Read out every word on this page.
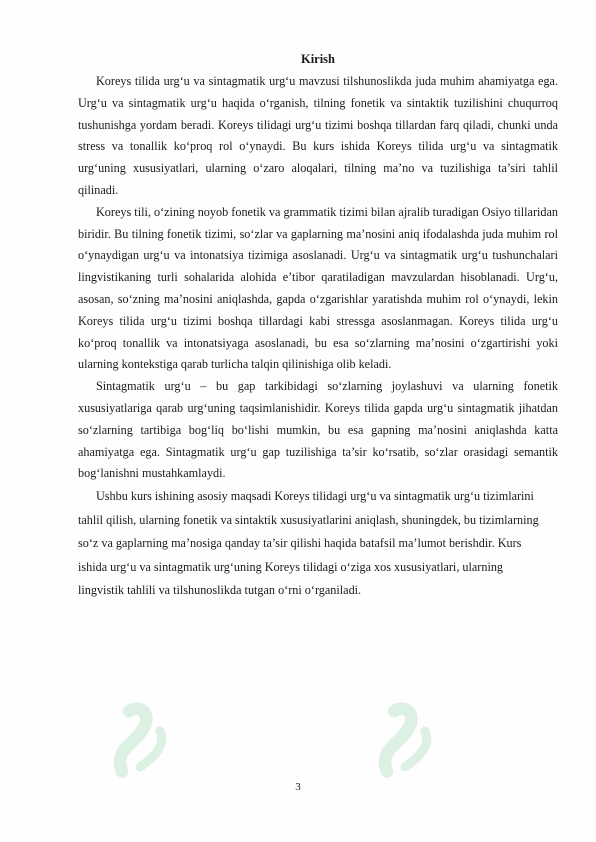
Kirish

Koreys tilida urg‘u va sintagmatik urg‘u mavzusi tilshunoslikda juda muhim ahamiyatga ega. Urg‘u va sintagmatik urg‘u haqida o‘rganish, tilning fonetik va sintaktik tuzilishini chuqurroq tushunishga yordam beradi. Koreys tilidagi urg‘u tizimi boshqa tillardan farq qiladi, chunki unda stress va tonallik ko‘proq rol o‘ynaydi. Bu kurs ishida Koreys tilida urg‘u va sintagmatik urg‘uning xususiyatlari, ularning o‘zaro aloqalari, tilning ma’no va tuzilishiga ta’siri tahlil qilinadi.

Koreys tili, o‘zining noyob fonetik va grammatik tizimi bilan ajralib turadigan Osiyo tillaridan biridir. Bu tilning fonetik tizimi, so‘zlar va gaplarning ma’nosini aniq ifodalashda juda muhim rol o‘ynaydigan urg‘u va intonatsiya tizimiga asoslanadi. Urg‘u va sintagmatik urg‘u tushunchalari lingvistikaning turli sohalarida alohida e’tibor qaratiladigan mavzulardan hisoblanadi. Urg‘u, asosan, so‘zning ma’nosini aniqlashda, gapda o‘zgarishlar yaratishda muhim rol o‘ynaydi, lekin Koreys tilida urg‘u tizimi boshqa tillardagi kabi stressga asoslanmagan. Koreys tilida urg‘u ko‘proq tonallik va intonatsiyaga asoslanadi, bu esa so‘zlarning ma’nosini o‘zgartirishi yoki ularning kontekstiga qarab turlicha talqin qilinishiga olib keladi.

Sintagmatik urg‘u – bu gap tarkibidagi so‘zlarning joylashuvi va ularning fonetik xususiyatlariga qarab urg‘uning taqsimlanishidir. Koreys tilida gapda urg‘u sintagmatik jihatdan so‘zlarning tartibiga bog‘liq bo‘lishi mumkin, bu esa gapning ma’nosini aniqlashda katta ahamiyatga ega. Sintagmatik urg‘u gap tuzilishiga ta’sir ko‘rsatib, so‘zlar orasidagi semantik bog‘lanishni mustahkamlaydi.

Ushbu kurs ishining asosiy maqsadi Koreys tilidagi urg‘u va sintagmatik urg‘u tizimlarini tahlil qilish, ularning fonetik va sintaktik xususiyatlarini aniqlash, shuningdek, bu tizimlarning so‘z va gaplarning ma’nosiga qanday ta’sir qilishi haqida batafsil ma’lumot berishdir. Kurs ishida urg‘u va sintagmatik urg‘uning Koreys tilidagi o‘ziga xos xususiyatlari, ularning lingvistik tahlili va tilshunoslikda tutgan o‘rni o‘rganiladi.

3
